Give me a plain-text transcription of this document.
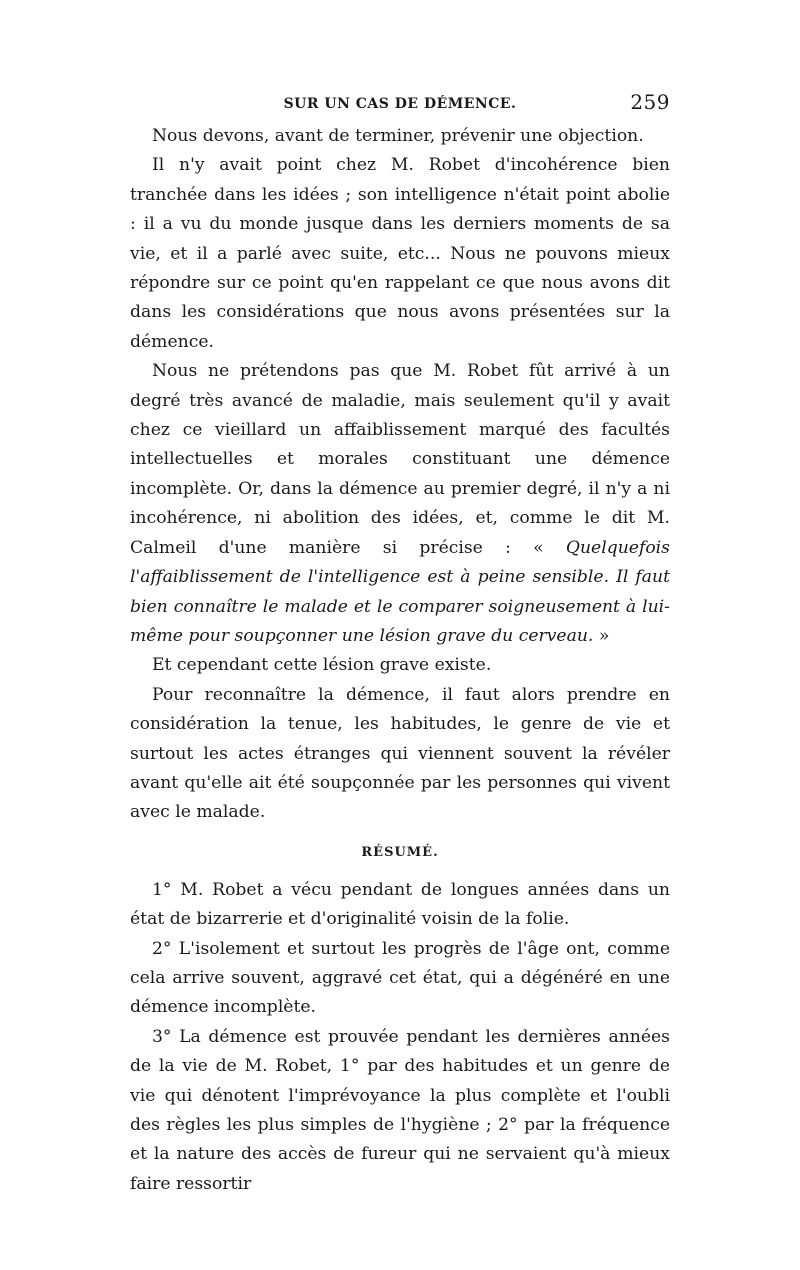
SUR UN CAS DE DÉMENCE.	259

Nous devons, avant de terminer, prévenir une objection.

Il n'y avait point chez M. Robet d'incohérence bien tranchée dans les idées ; son intelligence n'était point abolie : il a vu du monde jusque dans les derniers moments de sa vie, et il a parlé avec suite, etc... Nous ne pouvons mieux répondre sur ce point qu'en rappelant ce que nous avons dit dans les considérations que nous avons présentées sur la démence.

Nous ne prétendons pas que M. Robet fût arrivé à un degré très avancé de maladie, mais seulement qu'il y avait chez ce vieillard un affaiblissement marqué des facultés intellectuelles et morales constituant une démence incomplète. Or, dans la démence au premier degré, il n'y a ni incohérence, ni abolition des idées, et, comme le dit M. Calmeil d'une manière si précise : « Quelquefois l'affaiblissement de l'intelligence est à peine sensible. Il faut bien connaître le malade et le comparer soigneusement à lui-même pour soupçonner une lésion grave du cerveau. »

Et cependant cette lésion grave existe.

Pour reconnaître la démence, il faut alors prendre en considération la tenue, les habitudes, le genre de vie et surtout les actes étranges qui viennent souvent la révéler avant qu'elle ait été soupçonnée par les personnes qui vivent avec le malade.

RÉSUMÉ.

1° M. Robet a vécu pendant de longues années dans un état de bizarrerie et d'originalité voisin de la folie.

2° L'isolement et surtout les progrès de l'âge ont, comme cela arrive souvent, aggravé cet état, qui a dégénéré en une démence incomplète.

3° La démence est prouvée pendant les dernières années de la vie de M. Robet, 1° par des habitudes et un genre de vie qui dénotent l'imprévoyance la plus complète et l'oubli des règles les plus simples de l'hygiène ; 2° par la fréquence et la nature des accès de fureur qui ne servaient qu'à mieux faire ressortir
